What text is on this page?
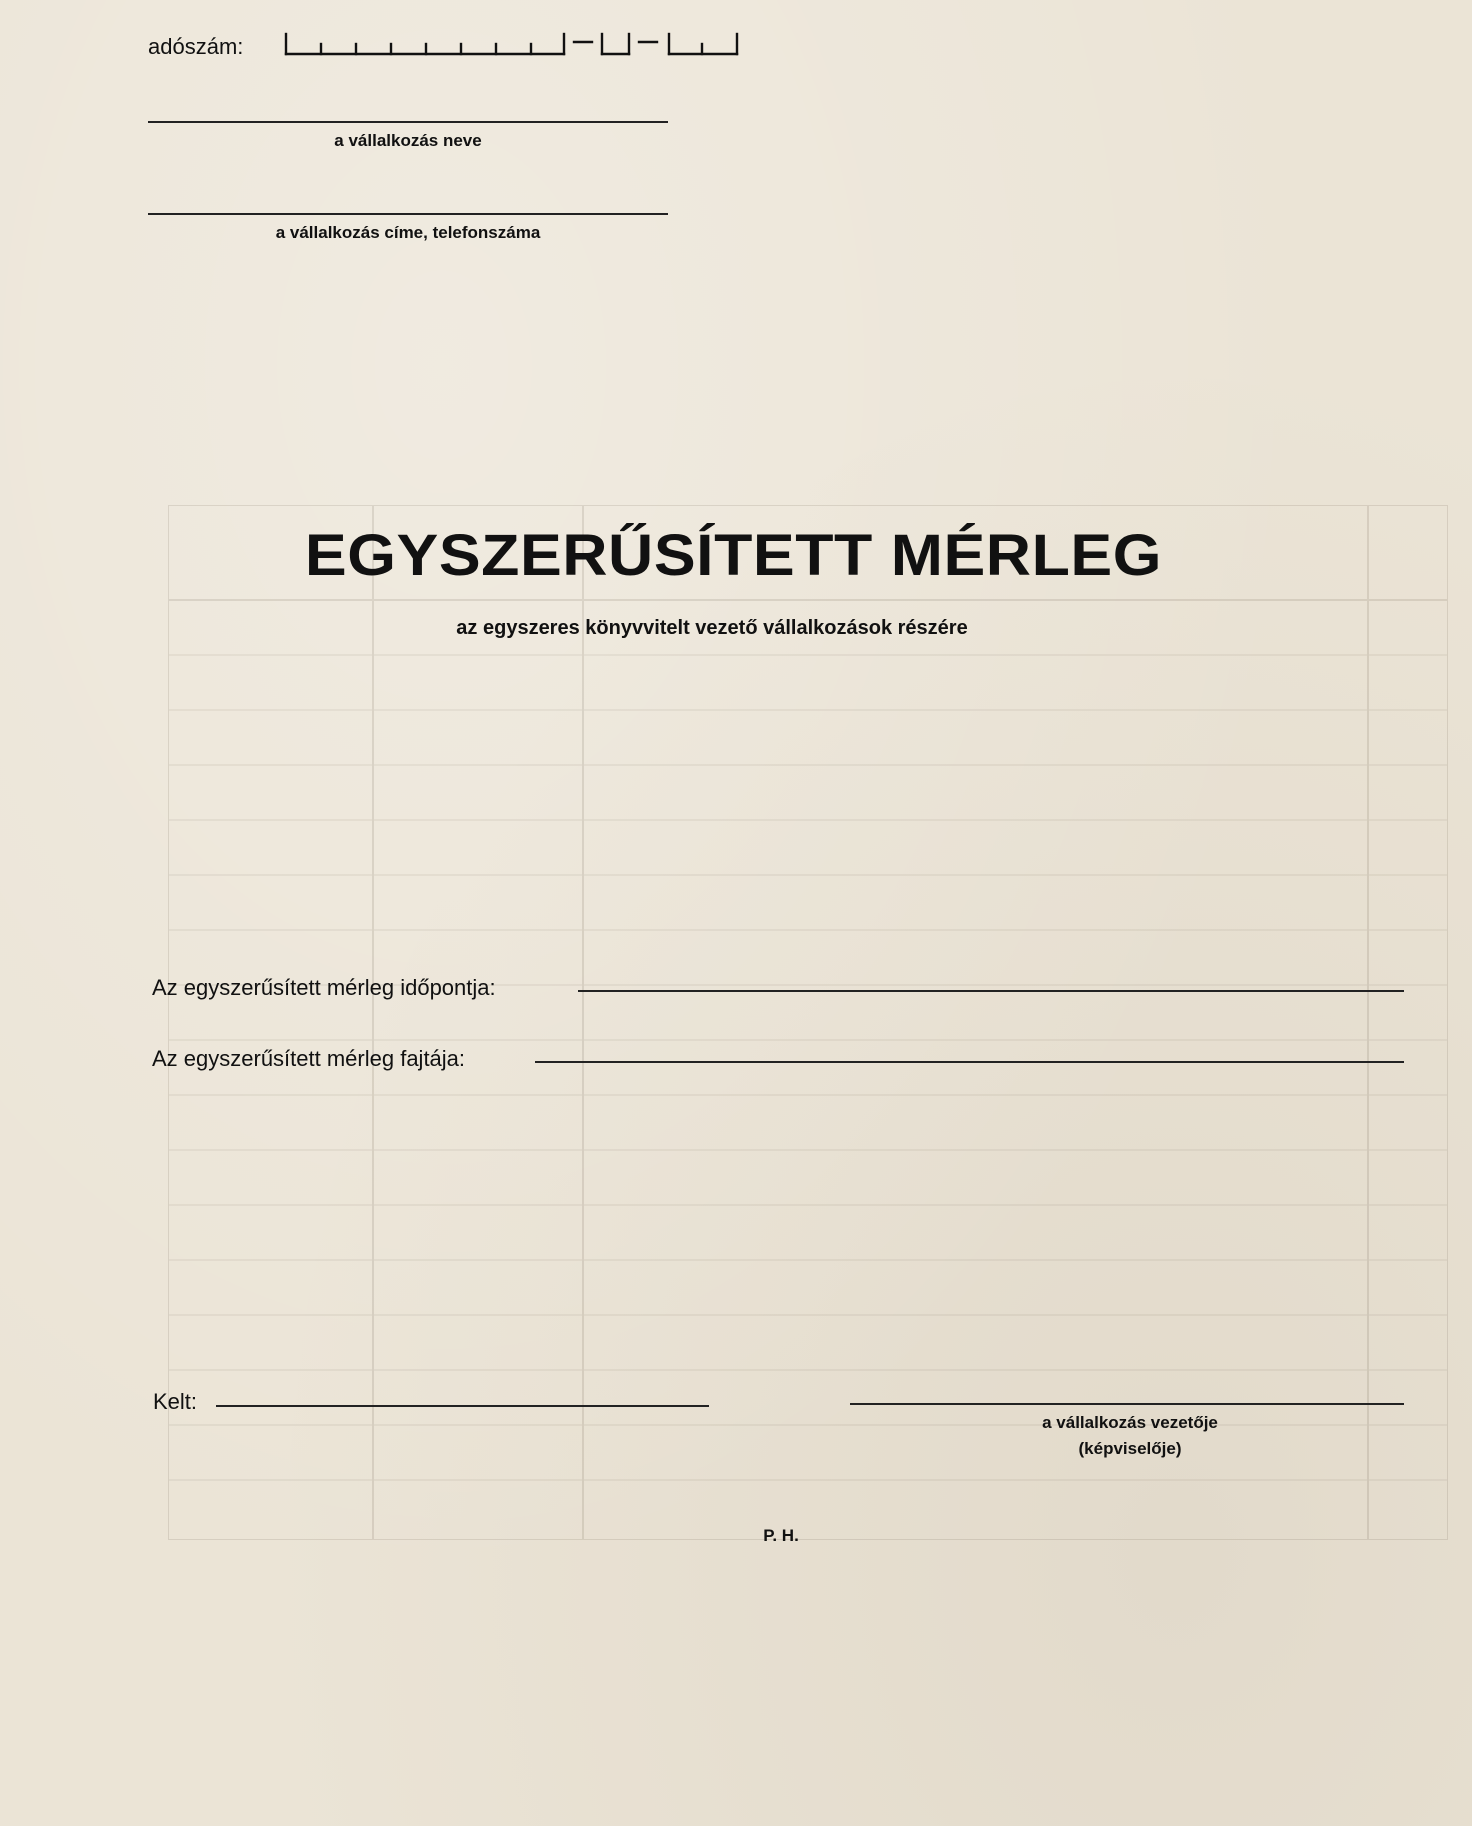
adószám:
a vállalkozás neve
a vállalkozás címe, telefonszáma
EGYSZERŰSÍTETT MÉRLEG
az egyszeres könyvvitelt vezető vállalkozások részére
Az egyszerűsített mérleg időpontja:
Az egyszerűsített mérleg fajtája:
Kelt:
a vállalkozás vezetője
(képviselője)
P. H.
